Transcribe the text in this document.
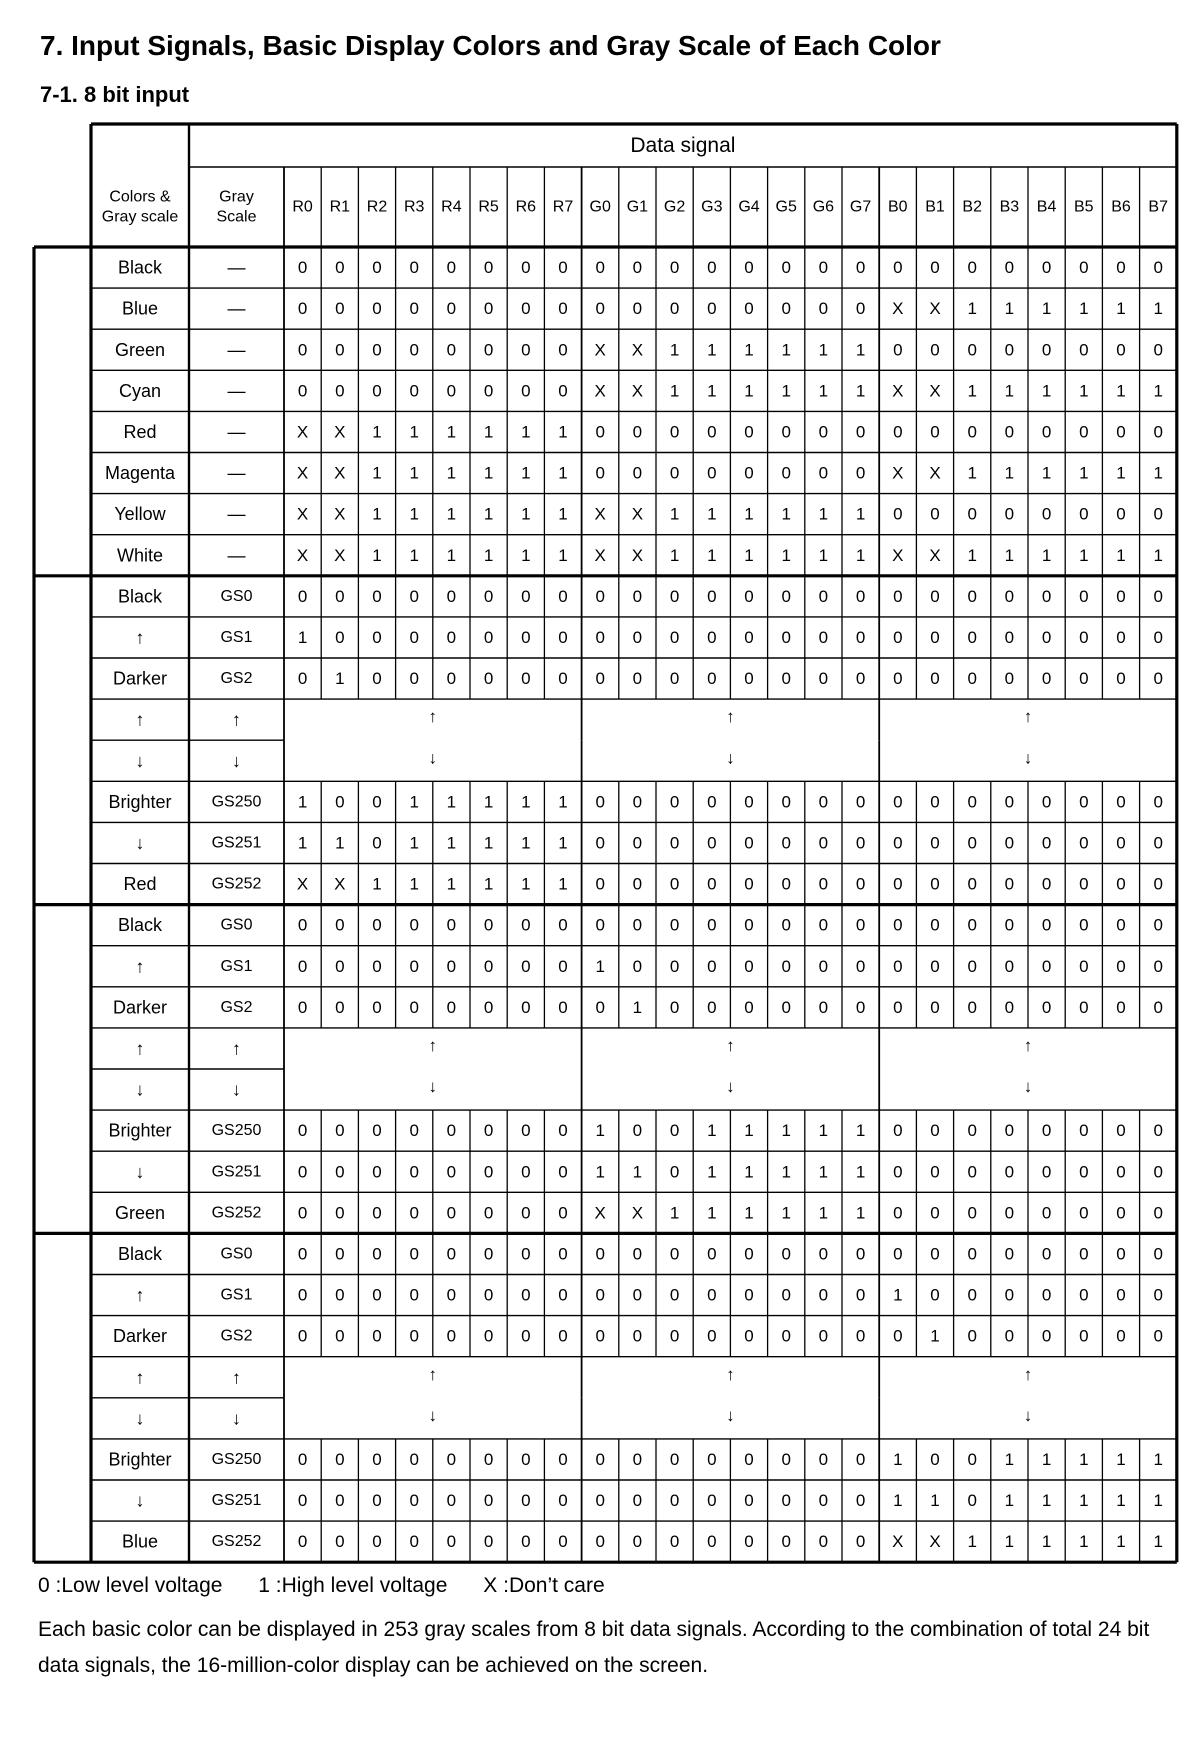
7. Input Signals, Basic Display Colors and Gray Scale of Each Color
7-1. 8 bit input
Data signal
Colors &
Gray scale
Gray
Scale
R0 R1 R2 R3 R4 R5 R6 R7 G0 G1 G2 G3 G4 G5 G6 G7 B0 B1 B2 B3 B4 B5 B6 B7
Black	—	0 0 0 0 0 0 0 0 0 0 0 0 0 0 0 0 0 0 0 0 0 0 0 0
Blue	—	0 0 0 0 0 0 0 0 0 0 0 0 0 0 0 0 X X 1 1 1 1 1 1
Green	—	0 0 0 0 0 0 0 0 X X 1 1 1 1 1 1 0 0 0 0 0 0 0 0
Cyan	—	0 0 0 0 0 0 0 0 X X 1 1 1 1 1 1 X X 1 1 1 1 1 1
Red	—	X X 1 1 1 1 1 1 0 0 0 0 0 0 0 0 0 0 0 0 0 0 0 0
Magenta	—	X X 1 1 1 1 1 1 0 0 0 0 0 0 0 0 X X 1 1 1 1 1 1
Yellow	—	X X 1 1 1 1 1 1 X X 1 1 1 1 1 1 0 0 0 0 0 0 0 0
White	—	X X 1 1 1 1 1 1 X X 1 1 1 1 1 1 X X 1 1 1 1 1 1
Black	GS0	0 0 0 0 0 0 0 0 0 0 0 0 0 0 0 0 0 0 0 0 0 0 0 0
↑	GS1	1 0 0 0 0 0 0 0 0 0 0 0 0 0 0 0 0 0 0 0 0 0 0 0
Darker	GS2	0 1 0 0 0 0 0 0 0 0 0 0 0 0 0 0 0 0 0 0 0 0 0 0
↑	↑	↑	↑	↑
↓	↓	↓	↓	↓
Brighter	GS250 1 0 0 1 1 1 1 1 0 0 0 0 0 0 0 0 0 0 0 0 0 0 0 0
↓	GS251 1 1 0 1 1 1 1 1 0 0 0 0 0 0 0 0 0 0 0 0 0 0 0 0
Red	GS252 X X 1 1 1 1 1 1 0 0 0 0 0 0 0 0 0 0 0 0 0 0 0 0
Black	GS0	0 0 0 0 0 0 0 0 0 0 0 0 0 0 0 0 0 0 0 0 0 0 0 0
↑	GS1	0 0 0 0 0 0 0 0 1 0 0 0 0 0 0 0 0 0 0 0 0 0 0 0
Darker	GS2	0 0 0 0 0 0 0 0 0 1 0 0 0 0 0 0 0 0 0 0 0 0 0 0
↑	↑	↑	↑	↑
↓	↓	↓	↓	↓
Brighter	GS250 0 0 0 0 0 0 0 0 1 0 0 1 1 1 1 1 0 0 0 0 0 0 0 0
↓	GS251 0 0 0 0 0 0 0 0 1 1 0 1 1 1 1 1 0 0 0 0 0 0 0 0
Green	GS252 0 0 0 0 0 0 0 0 X X 1 1 1 1 1 1 0 0 0 0 0 0 0 0
Black	GS0	0 0 0 0 0 0 0 0 0 0 0 0 0 0 0 0 0 0 0 0 0 0 0 0
↑	GS1	0 0 0 0 0 0 0 0 0 0 0 0 0 0 0 0 1 0 0 0 0 0 0 0
Darker	GS2	0 0 0 0 0 0 0 0 0 0 0 0 0 0 0 0 0 1 0 0 0 0 0 0
↑	↑	↑	↑	↑
↓	↓	↓	↓	↓
Brighter	GS250 0 0 0 0 0 0 0 0 0 0 0 0 0 0 0 0 1 0 0 1 1 1 1 1
↓	GS251 0 0 0 0 0 0 0 0 0 0 0 0 0 0 0 0 1 1 0 1 1 1 1 1
Blue	GS252 0 0 0 0 0 0 0 0 0 0 0 0 0 0 0 0 X X 1 1 1 1 1 1
0 :Low level voltage 1 :High level voltage X :Don’t care
Each basic color can be displayed in 253 gray scales from 8 bit data signals. According to the combination of total 24 bit data signals, the 16-million-color display can be achieved on the screen.
